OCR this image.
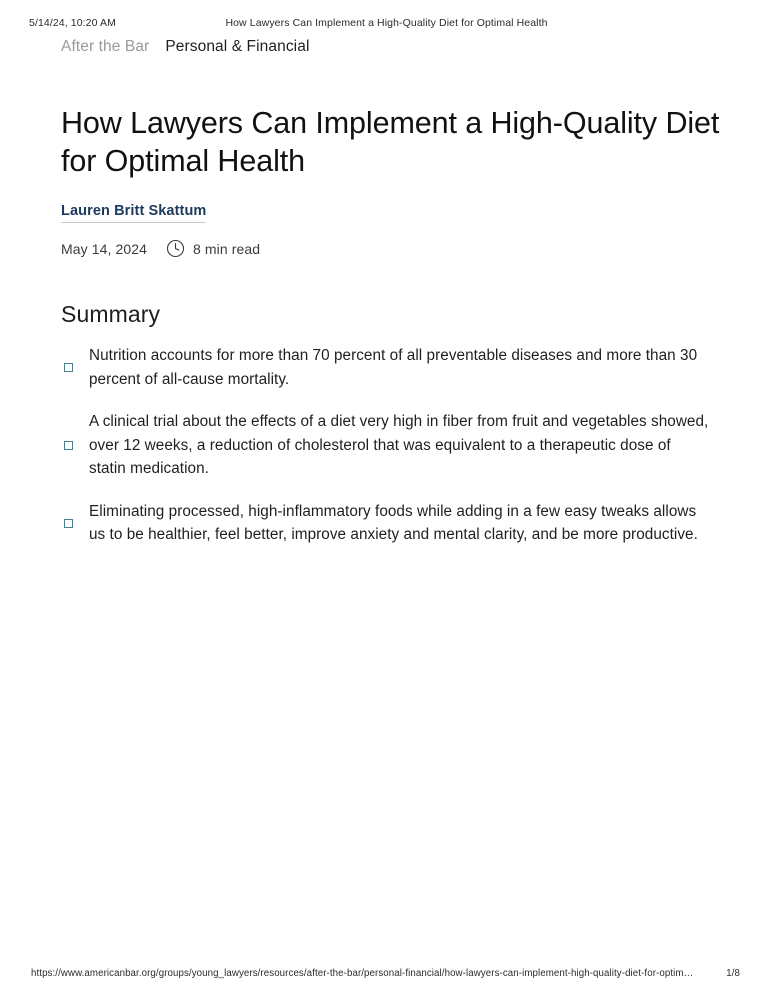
5/14/24, 10:20 AM	How Lawyers Can Implement a High-Quality Diet for Optimal Health
After the Bar Personal & Financial
How Lawyers Can Implement a High-Quality Diet for Optimal Health
Lauren Britt Skattum
May 14, 2024	8 min read
Summary
Nutrition accounts for more than 70 percent of all preventable diseases and more than 30 percent of all-cause mortality.
A clinical trial about the effects of a diet very high in fiber from fruit and vegetables showed, over 12 weeks, a reduction of cholesterol that was equivalent to a therapeutic dose of statin medication.
Eliminating processed, high-inflammatory foods while adding in a few easy tweaks allows us to be healthier, feel better, improve anxiety and mental clarity, and be more productive.
https://www.americanbar.org/groups/young_lawyers/resources/after-the-bar/personal-financial/how-lawyers-can-implement-high-quality-diet-for-optim…	1/8
